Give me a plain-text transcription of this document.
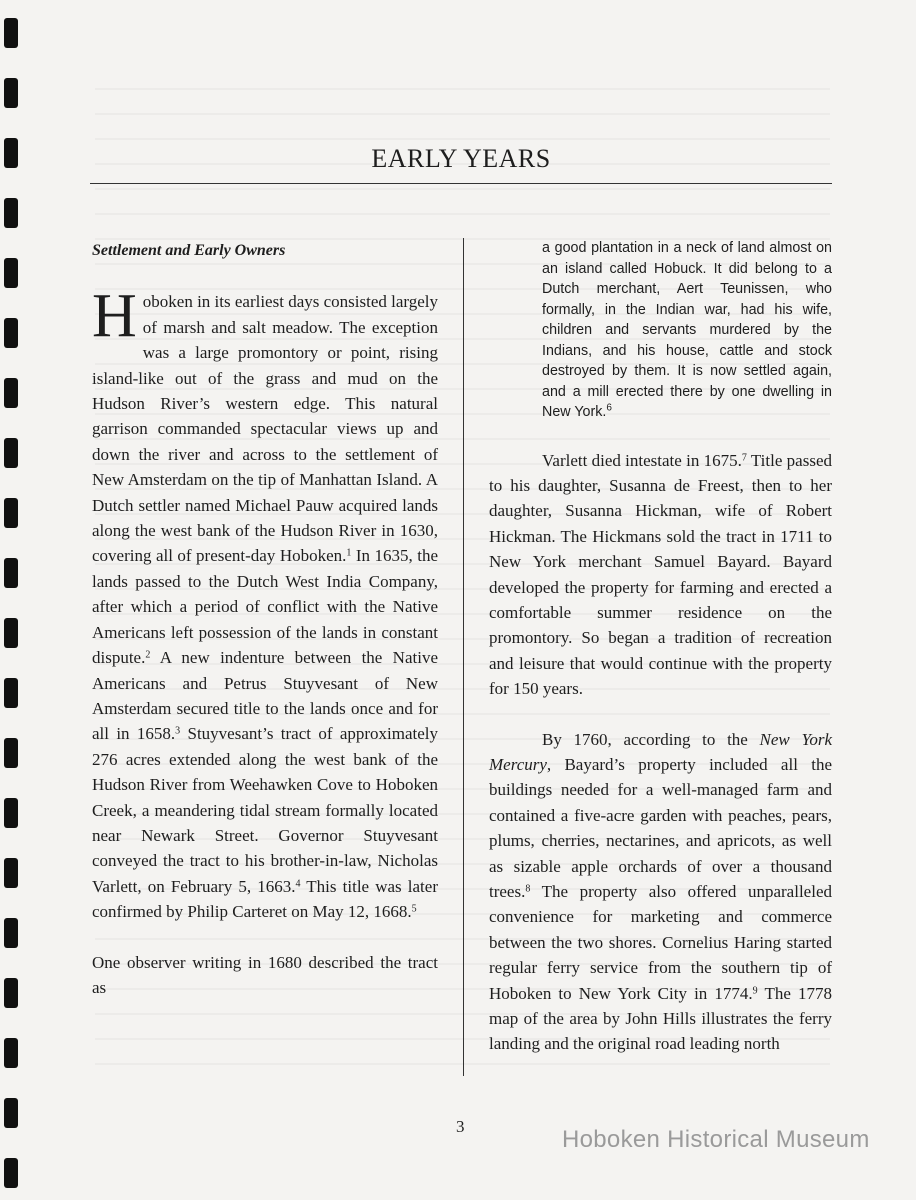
EARLY YEARS
Settlement and Early Owners

Hoboken in its earliest days consisted largely of marsh and salt meadow. The exception was a large promontory or point, rising island-like out of the grass and mud on the Hudson River’s western edge. This natural garrison commanded spectacular views up and down the river and across to the settlement of New Amsterdam on the tip of Manhattan Island. A Dutch settler named Michael Pauw acquired lands along the west bank of the Hudson River in 1630, covering all of present-day Hoboken.$^1$ In 1635, the lands passed to the Dutch West India Company, after which a period of conflict with the Native Americans left possession of the lands in constant dispute.$^2$ A new indenture between the Native Americans and Petrus Stuyvesant of New Amsterdam secured title to the lands once and for all in 1658.$^3$ Stuyvesant’s tract of approximately 276 acres extended along the west bank of the Hudson River from Weehawken Cove to Hoboken Creek, a meandering tidal stream formally located near Newark Street. Governor Stuyvesant conveyed the tract to his brother-in-law, Nicholas Varlett, on February 5, 1663.$^4$ This title was later confirmed by Philip Carteret on May 12, 1668.$^5$

One observer writing in 1680 described the tract as

a good plantation in a neck of land almost on an island called Hobuck. It did belong to a Dutch merchant, Aert Teunissen, who formally, in the Indian war, had his wife, children and servants murdered by the Indians, and his house, cattle and stock destroyed by them. It is now settled again, and a mill erected there by one dwelling in New York.$^6$

Varlett died intestate in 1675.$^7$ Title passed to his daughter, Susanna de Freest, then to her daughter, Susanna Hickman, wife of Robert Hickman. The Hickmans sold the tract in 1711 to New York merchant Samuel Bayard. Bayard developed the property for farming and erected a comfortable summer residence on the promontory. So began a tradition of recreation and leisure that would continue with the property for 150 years.

By 1760, according to the New York Mercury, Bayard’s property included all the buildings needed for a well-managed farm and contained a five-acre garden with peaches, pears, plums, cherries, nectarines, and apricots, as well as sizable apple orchards of over a thousand trees.$^8$ The property also offered unparalleled convenience for marketing and commerce between the two shores. Cornelius Haring started regular ferry service from the southern tip of Hoboken to New York City in 1774.$^9$ The 1778 map of the area by John Hills illustrates the ferry landing and the original road leading north

3	Hoboken Historical Museum
